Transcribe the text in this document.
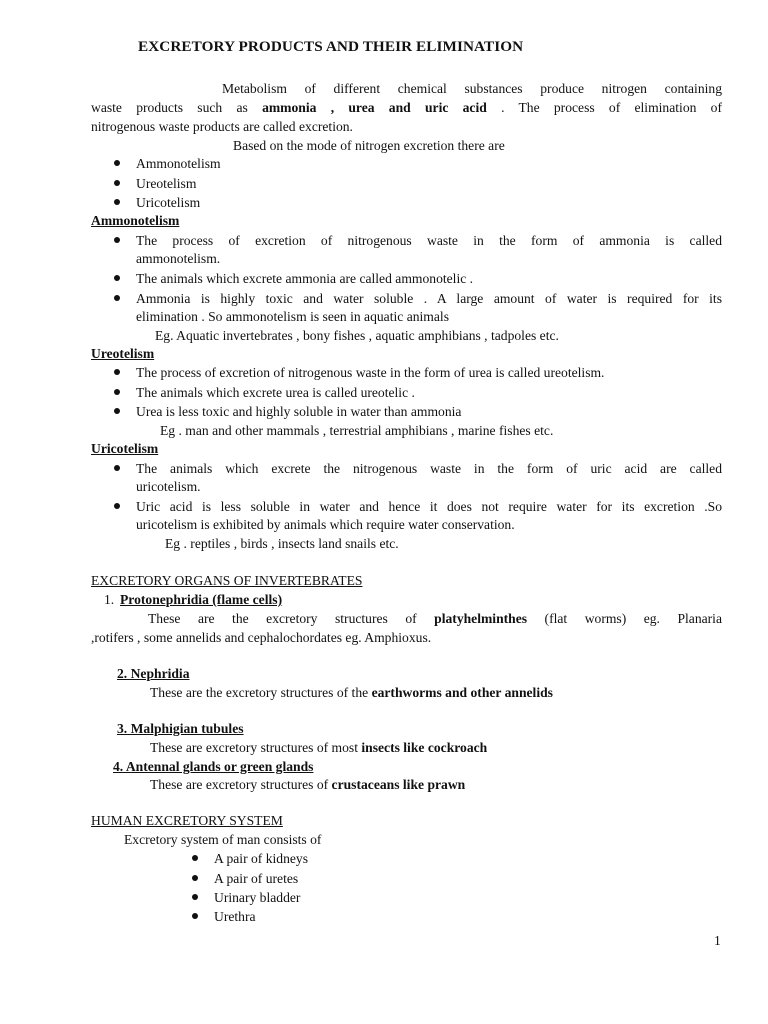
EXCRETORY PRODUCTS AND THEIR ELIMINATION
Metabolism of different chemical substances produce nitrogen containing
waste products such as ammonia , urea and uric acid . The process of elimination of
nitrogenous waste products are called excretion.
Based on the mode of nitrogen excretion there are
Ammonotelism
Ureotelism
Uricotelism
Ammonotelism
The process of excretion of nitrogenous waste in the form of ammonia is called
ammonotelism.
The animals which excrete ammonia are called ammonotelic .
Ammonia is highly toxic and water soluble . A large amount of water is required for its
elimination . So ammonotelism is seen in aquatic animals
Eg. Aquatic invertebrates , bony fishes , aquatic amphibians , tadpoles etc.
Ureotelism
The process of excretion of nitrogenous waste in the form of urea is called ureotelism.
The animals which excrete urea is called ureotelic .
Urea is less toxic and highly soluble in water than ammonia
Eg . man and other mammals , terrestrial amphibians , marine fishes etc.
Uricotelism
The animals which excrete the nitrogenous waste in the form of uric acid are called
uricotelism.
Uric acid is less soluble in water and hence it does not require water for its excretion .So
uricotelism is exhibited by animals which require water conservation.
Eg . reptiles , birds , insects land snails etc.
EXCRETORY ORGANS OF INVERTEBRATES
1. Protonephridia (flame cells)
These are the excretory structures of platyhelminthes (flat worms) eg. Planaria
,rotifers , some annelids and cephalochordates eg. Amphioxus.
2. Nephridia
These are the excretory structures of the earthworms and other annelids
3. Malphigian tubules
These are excretory structures of most insects like cockroach
4. Antennal glands or green glands
These are excretory structures of crustaceans like prawn
HUMAN EXCRETORY SYSTEM
Excretory system of man consists of
A pair of kidneys
A pair of uretes
Urinary bladder
Urethra
1
